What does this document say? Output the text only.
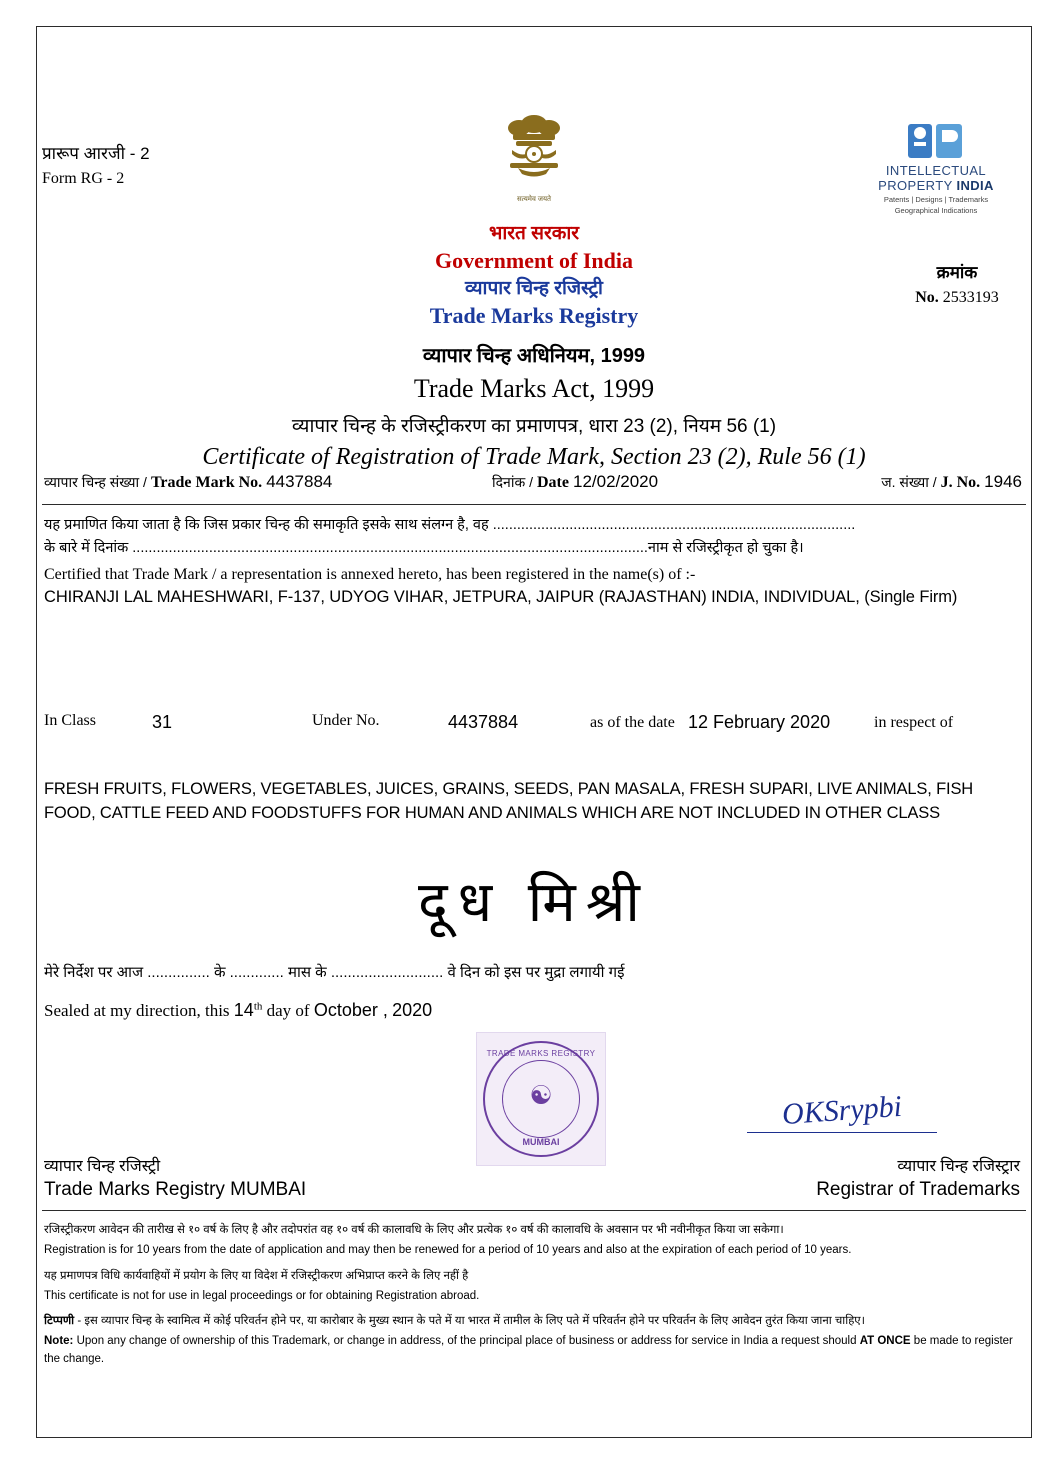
प्रारूप आरजी - 2
Form RG - 2	INTELLECTUAL
PROPERTY INDIA
Patents | Designs | Trademarks
Geographical Indications
सत्यमेव जयते
भारत सरकार
Government of India
व्यापार चिन्ह रजिस्ट्री
Trade Marks Registry
व्यापार चिन्ह अधिनियम, 1999
Trade Marks Act, 1999
व्यापार चिन्ह के रजिस्ट्रीकरण का प्रमाणपत्र, धारा 23 (2), नियम 56 (1)
Certificate of Registration of Trade Mark, Section 23 (2), Rule 56 (1)
क्रमांक
No. 2533193
व्यापार चिन्ह संख्या / Trade Mark No. 4437884	दिनांक / Date 12/02/2020	ज. संख्या / J. No. 1946
यह प्रमाणित किया जाता है कि जिस प्रकार चिन्ह की समाकृति इसके साथ संलग्न है, वह ..........................................................................................
के बारे में दिनांक ................................................................................................................................नाम से रजिस्ट्रीकृत हो चुका है।
Certified that Trade Mark / a representation is annexed hereto, has been registered in the name(s) of :-
CHIRANJI LAL MAHESHWARI, F-137, UDYOG VIHAR, JETPURA, JAIPUR (RAJASTHAN) INDIA, INDIVIDUAL, (Single Firm)
In Class	31	Under No.	4437884	as of the date 12 February 2020	in respect of
FRESH FRUITS, FLOWERS, VEGETABLES, JUICES, GRAINS, SEEDS, PAN MASALA, FRESH SUPARI, LIVE ANIMALS, FISH FOOD, CATTLE FEED AND FOODSTUFFS FOR HUMAN AND ANIMALS WHICH ARE NOT INCLUDED IN OTHER CLASS
दूध मिश्री
मेरे निर्देश पर आज ............... के ............. मास के ........................... वे दिन को इस पर मुद्रा लगायी गई
Sealed at my direction, this 14th day of October , 2020
TRADE MARKS REGISTRY
☯
MUMBAI
OKSrypbi
व्यापार चिन्ह रजिस्ट्री
Trade Marks Registry MUMBAI
व्यापार चिन्ह रजिस्ट्रार
Registrar of Trademarks
रजिस्ट्रीकरण आवेदन की तारीख से १० वर्ष के लिए है और तदोपरांत वह १० वर्ष की कालावधि के लिए और प्रत्येक १० वर्ष की कालावधि के अवसान पर भी नवीनीकृत किया जा सकेगा।
Registration is for 10 years from the date of application and may then be renewed for a period of 10 years and also at the expiration of each period of 10 years.
यह प्रमाणपत्र विधि कार्यवाहियों में प्रयोग के लिए या विदेश में रजिस्ट्रीकरण अभिप्राप्त करने के लिए नहीं है
This certificate is not for use in legal proceedings or for obtaining Registration abroad.
टिप्पणी - इस व्यापार चिन्ह के स्वामित्व में कोई परिवर्तन होने पर, या कारोबार के मुख्य स्थान के पते में या भारत में तामील के लिए पते में परिवर्तन होने पर परिवर्तन के लिए आवेदन तुरंत किया जाना चाहिए।
Note: Upon any change of ownership of this Trademark, or change in address, of the principal place of business or address for service in India a request should AT ONCE be made to register the change.
